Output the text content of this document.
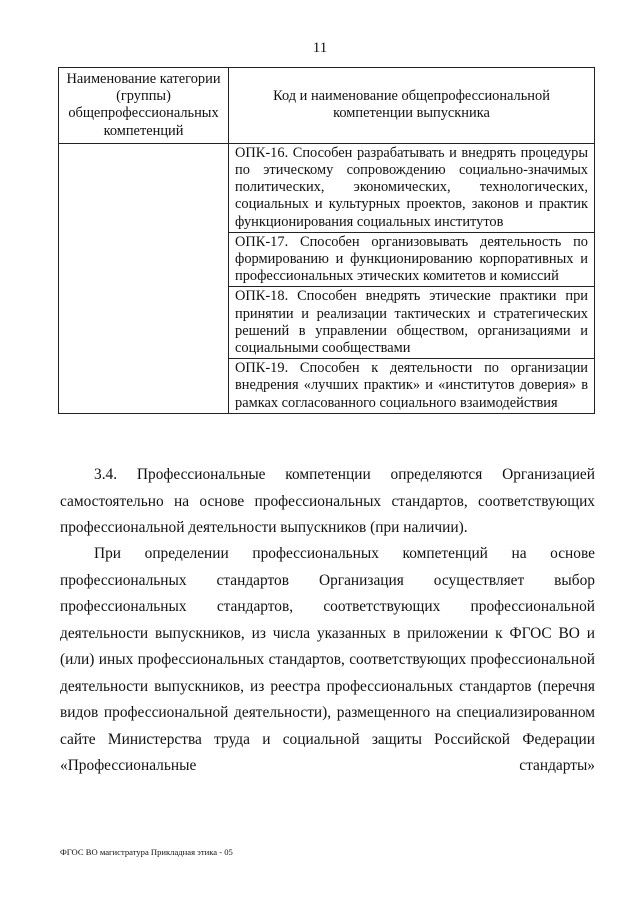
11
Наименование категории (группы) общепрофессиональных компетенций	Код и наименование общепрофессиональной компетенции выпускника
	ОПК-16. Способен разрабатывать и внедрять процедуры по этическому сопровождению социально-значимых политических, экономических, технологических, социальных и культурных проектов, законов и практик функционирования социальных институтов
	ОПК-17. Способен организовывать деятельность по формированию и функционированию корпоративных и профессиональных этических комитетов и комиссий
	ОПК-18. Способен внедрять этические практики при принятии и реализации тактических и стратегических решений в управлении обществом, организациями и социальными сообществами
	ОПК-19. Способен к деятельности по организации внедрения «лучших практик» и «институтов доверия» в рамках согласованного социального взаимодействия

3.4. Профессиональные компетенции определяются Организацией самостоятельно на основе профессиональных стандартов, соответствующих профессиональной деятельности выпускников (при наличии).

При определении профессиональных компетенций на основе профессиональных стандартов Организация осуществляет выбор профессиональных стандартов, соответствующих профессиональной деятельности выпускников, из числа указанных в приложении к ФГОС ВО и (или) иных профессиональных стандартов, соответствующих профессиональной деятельности выпускников, из реестра профессиональных стандартов (перечня видов профессиональной деятельности), размещенного на специализированном сайте Министерства труда и социальной защиты Российской Федерации «Профессиональные стандарты»

ФГОС ВО магистратура Прикладная этика - 05
